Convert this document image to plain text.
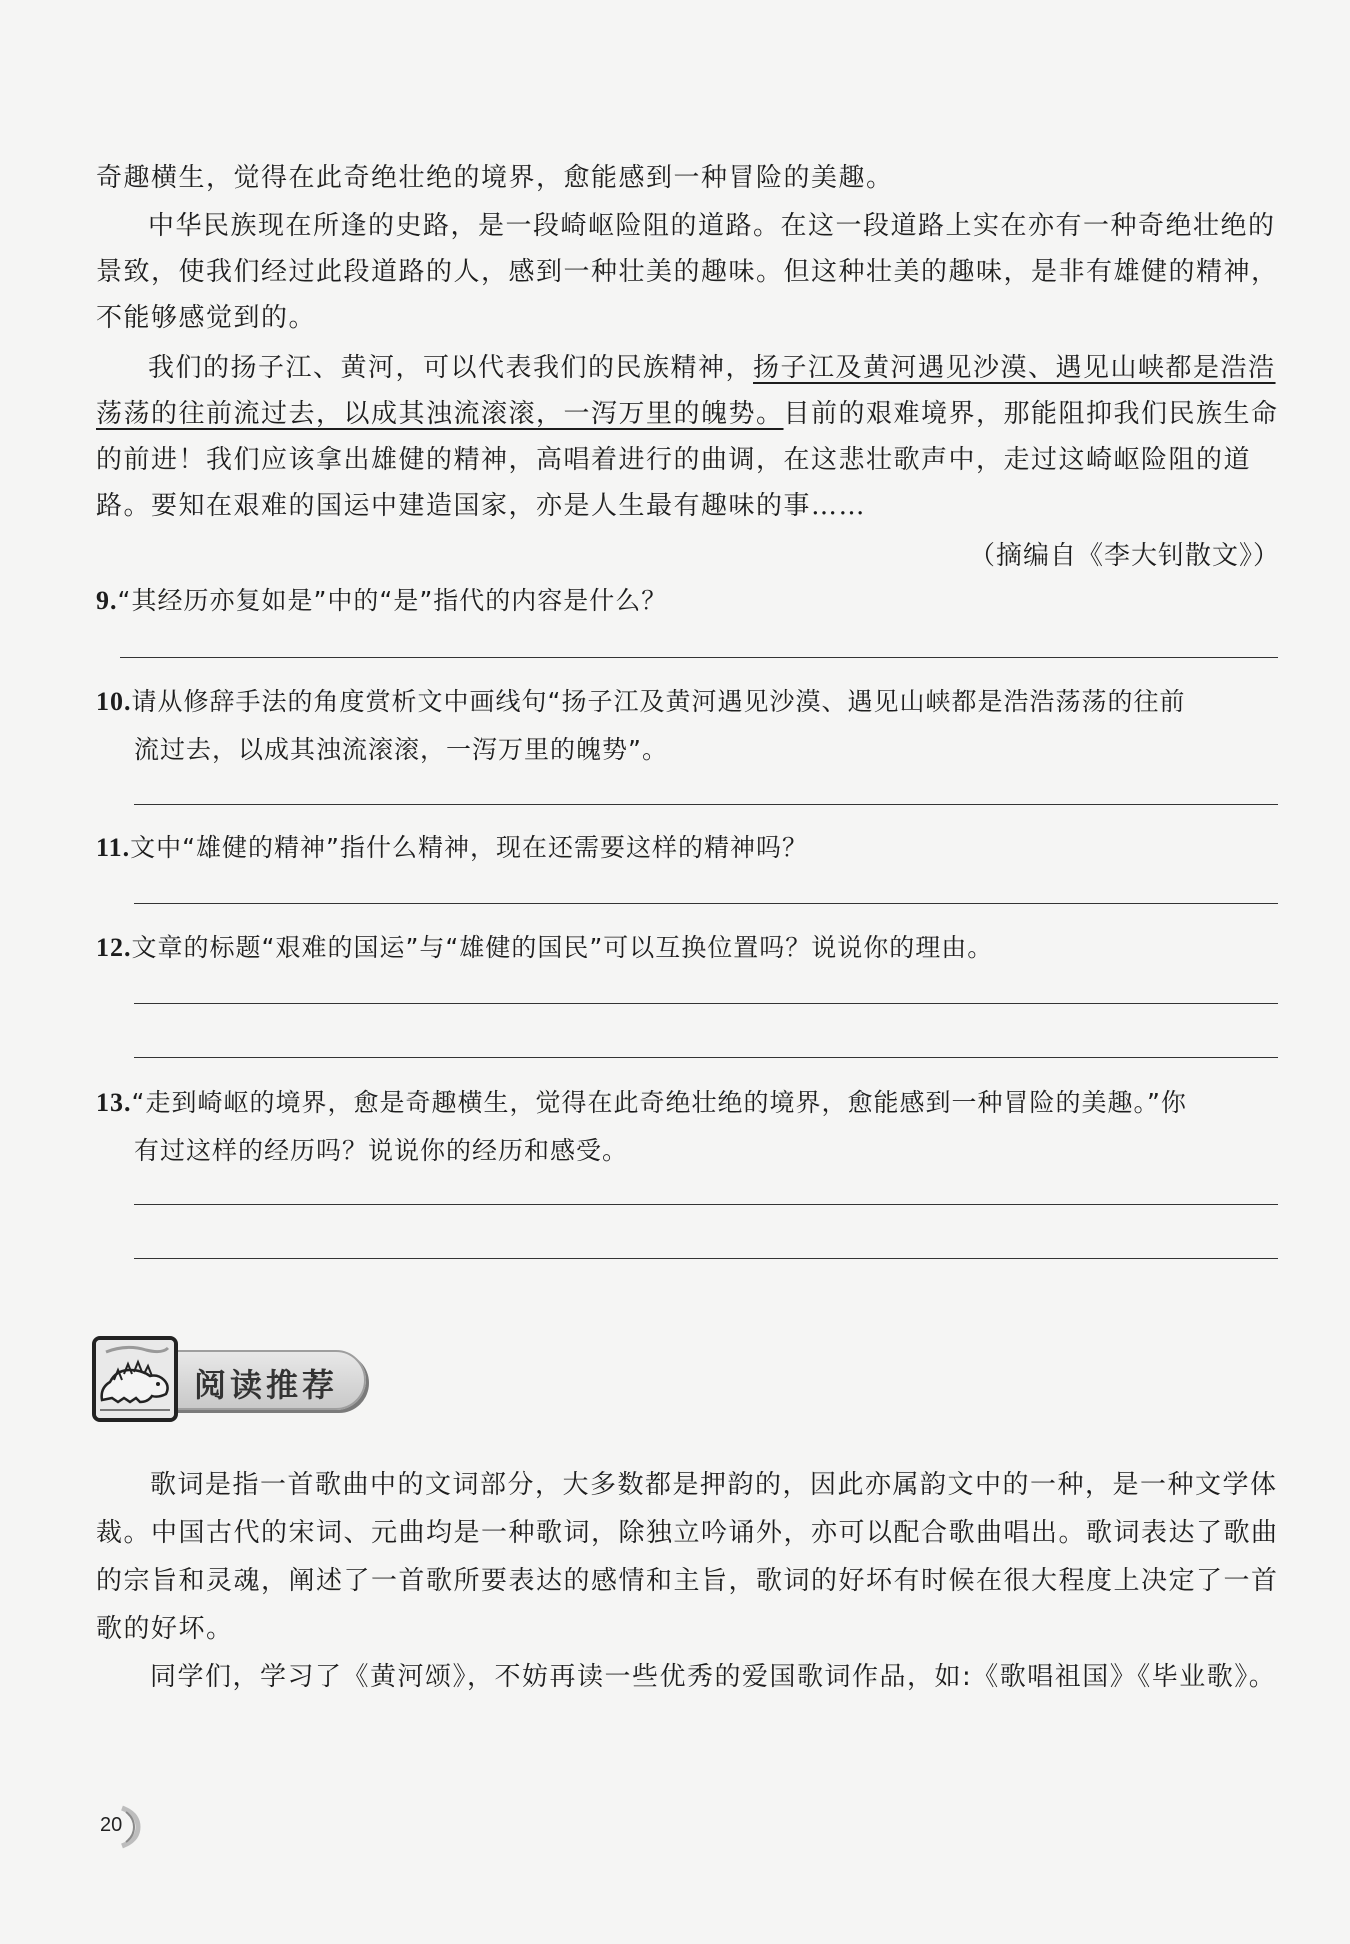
奇趣横生，觉得在此奇绝壮绝的境界，愈能感到一种冒险的美趣。
中华民族现在所逢的史路，是一段崎岖险阻的道路。在这一段道路上实在亦有一种奇绝壮绝的景致，使我们经过此段道路的人，感到一种壮美的趣味。但这种壮美的趣味，是非有雄健的精神，不能够感觉到的。
我们的扬子江、黄河，可以代表我们的民族精神，扬子江及黄河遇见沙漠、遇见山峡都是浩浩荡荡的往前流过去，以成其浊流滚滚，一泻万里的魄势。目前的艰难境界，那能阻抑我们民族生命的前进！我们应该拿出雄健的精神，高唱着进行的曲调，在这悲壮歌声中，走过这崎岖险阻的道路。要知在艰难的国运中建造国家，亦是人生最有趣味的事……
（摘编自《李大钊散文》）
9.“其经历亦复如是”中的“是”指代的内容是什么？
10.请从修辞手法的角度赏析文中画线句“扬子江及黄河遇见沙漠、遇见山峡都是浩浩荡荡的往前
流过去，以成其浊流滚滚，一泻万里的魄势”。
11.文中“雄健的精神”指什么精神，现在还需要这样的精神吗？
12.文章的标题“艰难的国运”与“雄健的国民”可以互换位置吗？说说你的理由。
13.“走到崎岖的境界，愈是奇趣横生，觉得在此奇绝壮绝的境界，愈能感到一种冒险的美趣。”你
有过这样的经历吗？说说你的经历和感受。
阅读推荐
歌词是指一首歌曲中的文词部分，大多数都是押韵的，因此亦属韵文中的一种，是一种文学体裁。中国古代的宋词、元曲均是一种歌词，除独立吟诵外，亦可以配合歌曲唱出。歌词表达了歌曲的宗旨和灵魂，阐述了一首歌所要表达的感情和主旨，歌词的好坏有时候在很大程度上决定了一首歌的好坏。
同学们，学习了《黄河颂》，不妨再读一些优秀的爱国歌词作品，如:《歌唱祖国》《毕业歌》。
20
